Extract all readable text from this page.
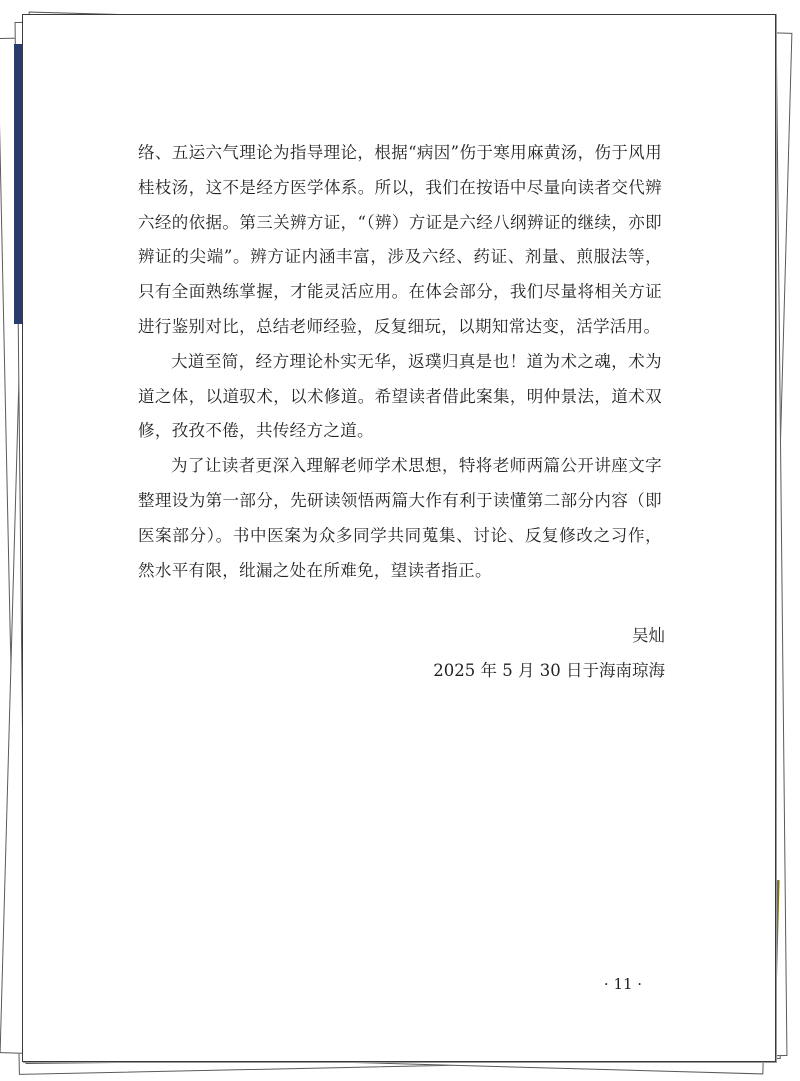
络、五运六气理论为指导理论，根据“病因”伤于寒用麻黄汤，伤于风用桂枝汤，这不是经方医学体系。所以，我们在按语中尽量向读者交代辨六经的依据。第三关辨方证，“（辨）方证是六经八纲辨证的继续，亦即辨证的尖端”。辨方证内涵丰富，涉及六经、药证、剂量、煎服法等，只有全面熟练掌握，才能灵活应用。在体会部分，我们尽量将相关方证进行鉴别对比，总结老师经验，反复细玩，以期知常达变，活学活用。

大道至简，经方理论朴实无华，返璞归真是也！道为术之魂，术为道之体，以道驭术，以术修道。希望读者借此案集，明仲景法，道术双修，孜孜不倦，共传经方之道。

为了让读者更深入理解老师学术思想，特将老师两篇公开讲座文字整理设为第一部分，先研读领悟两篇大作有利于读懂第二部分内容（即医案部分）。书中医案为众多同学共同蒐集、讨论、反复修改之习作，然水平有限，纰漏之处在所难免，望读者指正。

吴灿
2025 年 5 月 30 日于海南琼海
· 11 ·
